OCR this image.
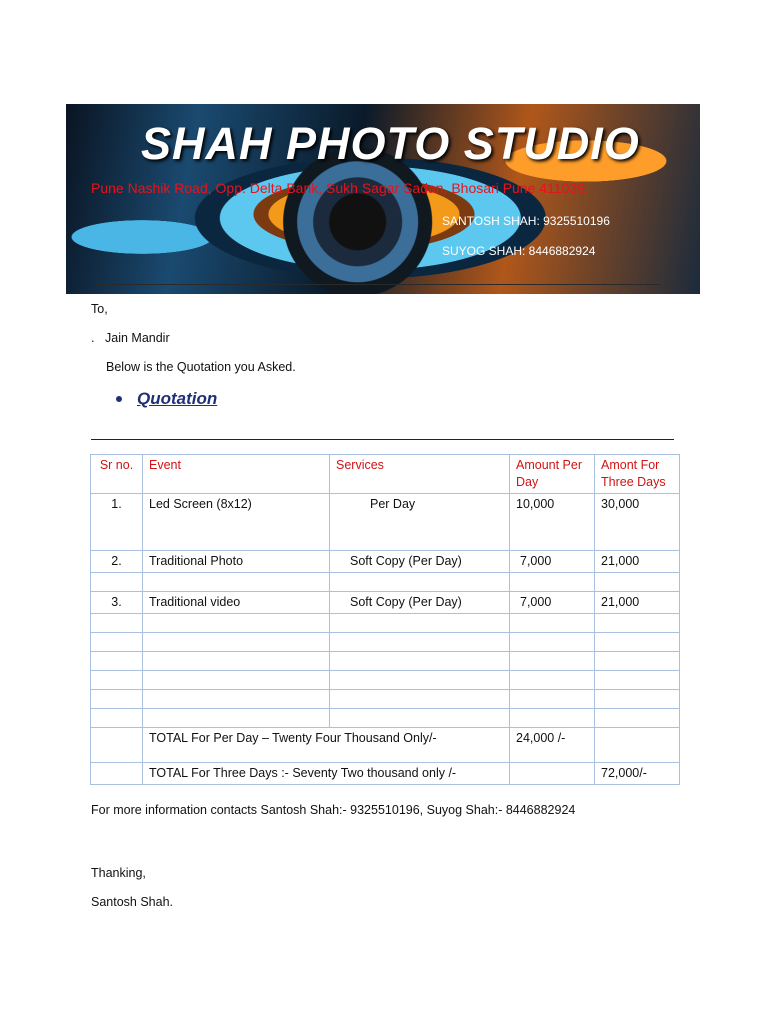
SHAH PHOTO STUDIO

Pune Nashik Road, Opp. Delta Bank, Sukh Sagar Sadan, Bhosari Pune 411039.

SANTOSH SHAH: 9325510196

SUYOG SHAH: 8446882924

To,

. Jain Mandir

Below is the Quotation you Asked.

Quotation

Sr no.	Event	Services	Amount Per Day	Amont For Three Days
1.	Led Screen (8x12)	Per Day	10,000	30,000
2.	Traditional Photo	Soft Copy (Per Day)	7,000	21,000

3.	Traditional video	Soft Copy (Per Day)	7,000	21,000

	TOTAL For Per Day – Twenty Four Thousand Only/-		24,000 /-	
	TOTAL For Three Days :- Seventy Two thousand only /-			72,000/-

For more information contacts Santosh Shah:- 9325510196, Suyog Shah:- 8446882924

Thanking,

Santosh Shah.
